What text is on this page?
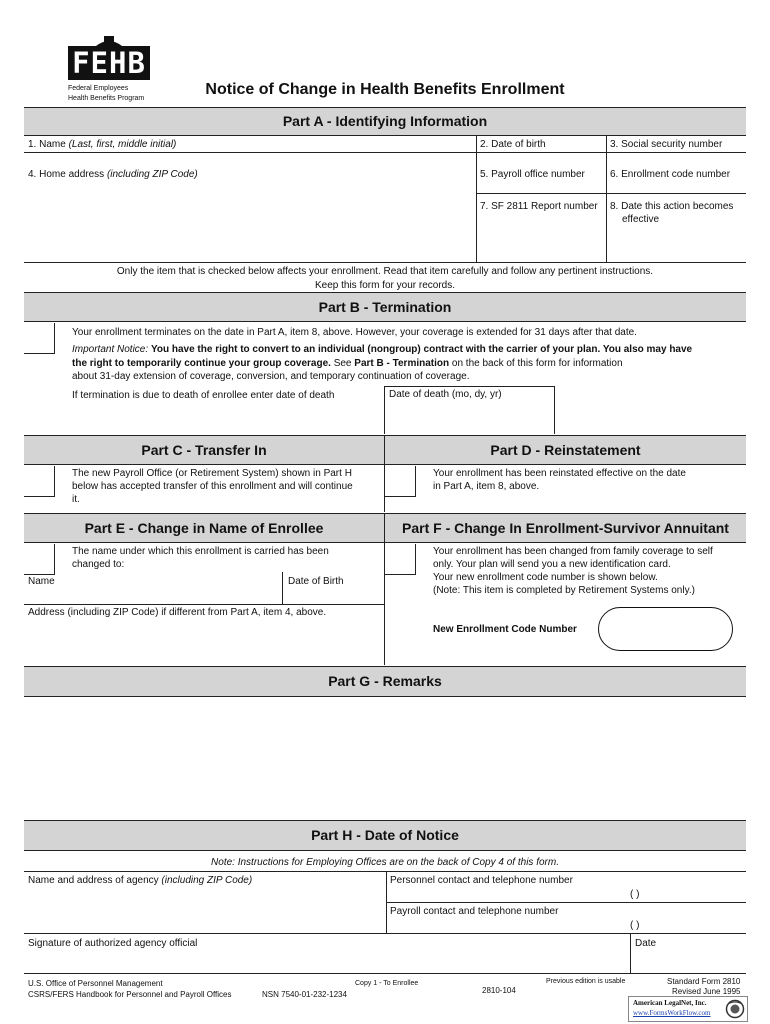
FEHB
Federal Employees
Health Benefits Program
Notice of Change in Health Benefits Enrollment
Part A - Identifying Information
1. Name (Last, first, middle initial)	2. Date of birth	3. Social security number
4. Home address (including ZIP Code)	5. Payroll office number	6. Enrollment code number
7. SF 2811 Report number 8. Date this action becomes
effective
Only the item that is checked below affects your enrollment. Read that item carefully and follow any pertinent instructions.
Keep this form for your records.
Part B - Termination
Your enrollment terminates on the date in Part A, item 8, above. However, your coverage is extended for 31 days after that date.
Important Notice: You have the right to convert to an individual (nongroup) contract with the carrier of your plan. You also may have
the right to temporarily continue your group coverage. See Part B - Termination on the back of this form for information
about 31-day extension of coverage, conversion, and temporary continuation of coverage.
If termination is due to death of enrollee enter date of death	Date of death (mo, dy, yr)
Part C - Transfer In	Part D - Reinstatement
The new Payroll Office (or Retirement System) shown in Part H
below has accepted transfer of this enrollment and will continue
it.
Your enrollment has been reinstated effective on the date
in Part A, item 8, above.
Part E - Change in Name of Enrollee	Part F - Change In Enrollment-Survivor Annuitant
The name under which this enrollment is carried has been
changed to:
Name	Date of Birth
Address (including ZIP Code) if different from Part A, item 4, above.
Your enrollment has been changed from family coverage to self
only. Your plan will send you a new identification card.
Your new enrollment code number is shown below.
(Note: This item is completed by Retirement Systems only.)
New Enrollment Code Number
Part G - Remarks
Part H - Date of Notice
Note: Instructions for Employing Offices are on the back of Copy 4 of this form.
Name and address of agency (including ZIP Code)	Personnel contact and telephone number
( )
Payroll contact and telephone number
( )
Signature of authorized agency official	Date
U.S. Office of Personnel Management
CSRS/FERS Handbook for Personnel and Payroll Offices	NSN 7540-01-232-1234
Copy 1 - To Enrollee
2810-104
Previous edition is usable	Standard Form 2810
Revised June 1995
American LegalNet, Inc.
www.FormsWorkFlow.com
